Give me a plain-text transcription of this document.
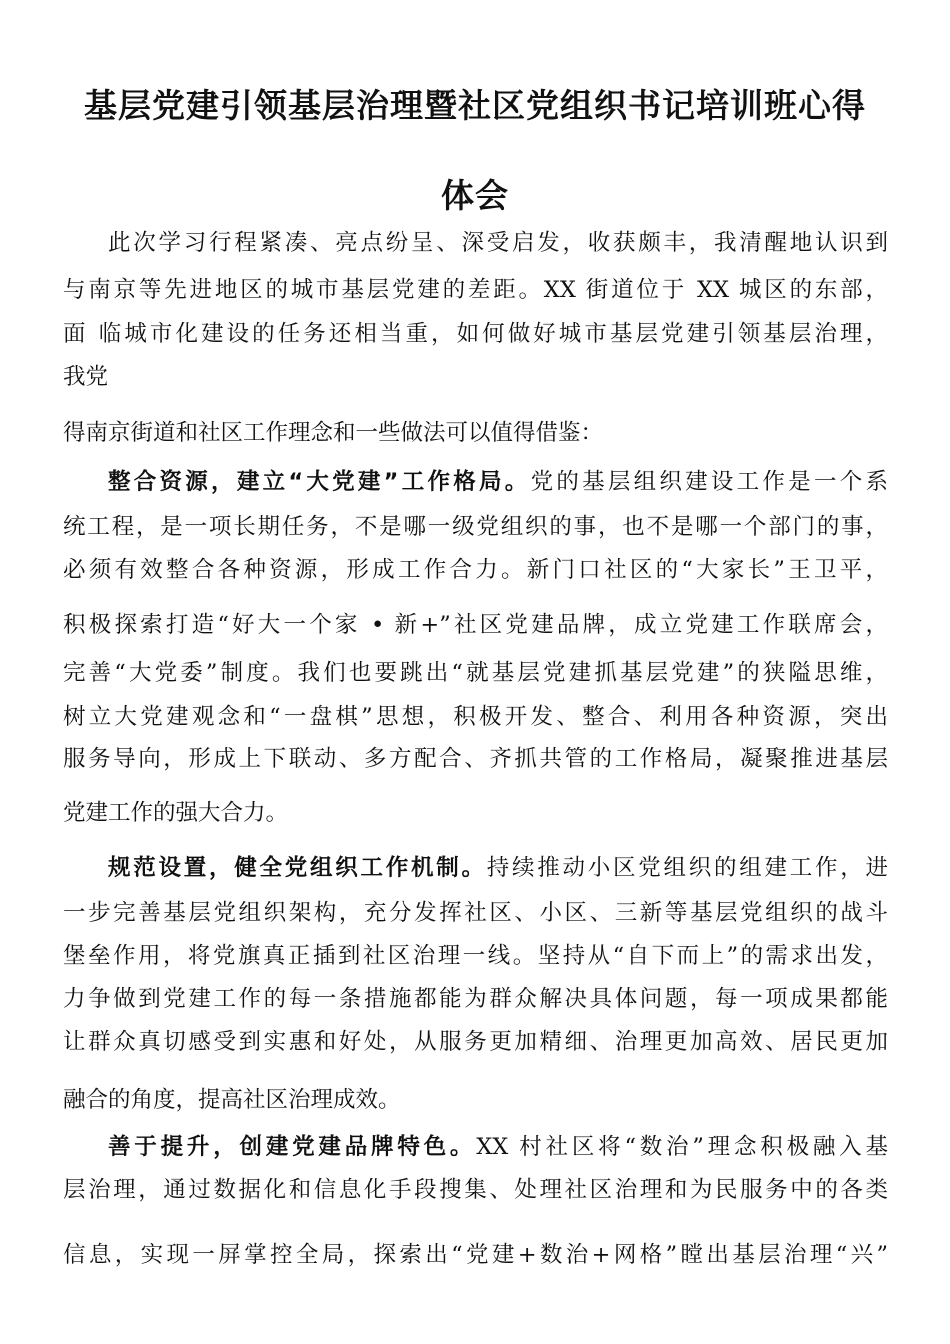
基层党建引领基层治理暨社区党组织书记培训班心得
体会
此次学习行程紧凑、亮点纷呈、深受启发，收获颇丰，我清醒地认识到
与南京等先进地区的城市基层党建的差距。XX 街道位于 XX 城区的东部，
面 临城市化建设的任务还相当重，如何做好城市基层党建引领基层治理，
我党
得南京街道和社区工作理念和一些做法可以值得借鉴：
整合资源，建立“大党建”工作格局。党的基层组织建设工作是一个系
统工程，是一项长期任务，不是哪一级党组织的事，也不是哪一个部门的事，
必须有效整合各种资源，形成工作合力。新门口社区的“大家长”王卫平，
积极探索打造“好大一个家 • 新+”社区党建品牌，成立党建工作联席会，
完善“大党委”制度。我们也要跳出“就基层党建抓基层党建”的狭隘思维，
树立大党建观念和“一盘棋”思想，积极开发、整合、利用各种资源，突出
服务导向，形成上下联动、多方配合、齐抓共管的工作格局，凝聚推进基层
党建工作的强大合力。
规范设置，健全党组织工作机制。持续推动小区党组织的组建工作，进
一步完善基层党组织架构，充分发挥社区、小区、三新等基层党组织的战斗
堡垒作用，将党旗真正插到社区治理一线。坚持从“自下而上”的需求出发，
力争做到党建工作的每一条措施都能为群众解决具体问题，每一项成果都能
让群众真切感受到实惠和好处，从服务更加精细、治理更加高效、居民更加
融合的角度，提高社区治理成效。
善于提升，创建党建品牌特色。XX 村社区将“数治”理念积极融入基
层治理，通过数据化和信息化手段搜集、处理社区治理和为民服务中的各类
信息，实现一屏掌控全局，探索出“党建+数治+网格”瞠出基层治理“兴”
